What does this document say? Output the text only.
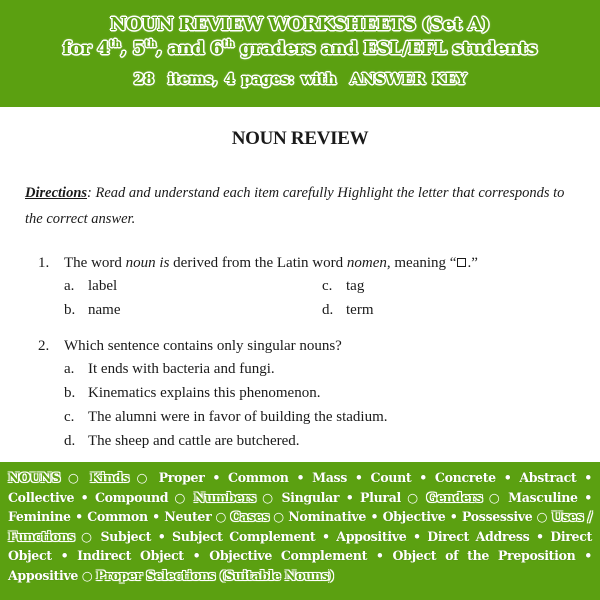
NOUN REVIEW WORKSHEETS (Set A)
for 4th, 5th, and 6th graders and ESL/EFL students
28  items, 4 pages: with  ANSWER KEY
NOUN REVIEW
Directions: Read and understand each item carefully Highlight the letter that corresponds to the correct answer.
1. The word noun is derived from the Latin word nomen, meaning “ .”
a. label	c. tag
b. name	d. term
2. Which sentence contains only singular nouns?
a. It ends with bacteria and fungi.
b. Kinematics explains this phenomenon.
c. The alumni were in favor of building the stadium.
d. The sheep and cattle are butchered.
NOUNS ○ Kinds ○ Proper • Common • Mass • Count • Concrete • Abstract • Collective • Compound ○ Numbers ○ Singular • Plural ○ Genders ○ Masculine • Feminine • Common • Neuter ○ Cases ○ Nominative • Objective • Possessive ○ Uses / Functions ○ Subject • Subject Complement • Appositive • Direct Address • Direct Object • Indirect Object • Objective Complement • Object of the Preposition • Appositive ○ Proper Selections (Suitable Nouns)
